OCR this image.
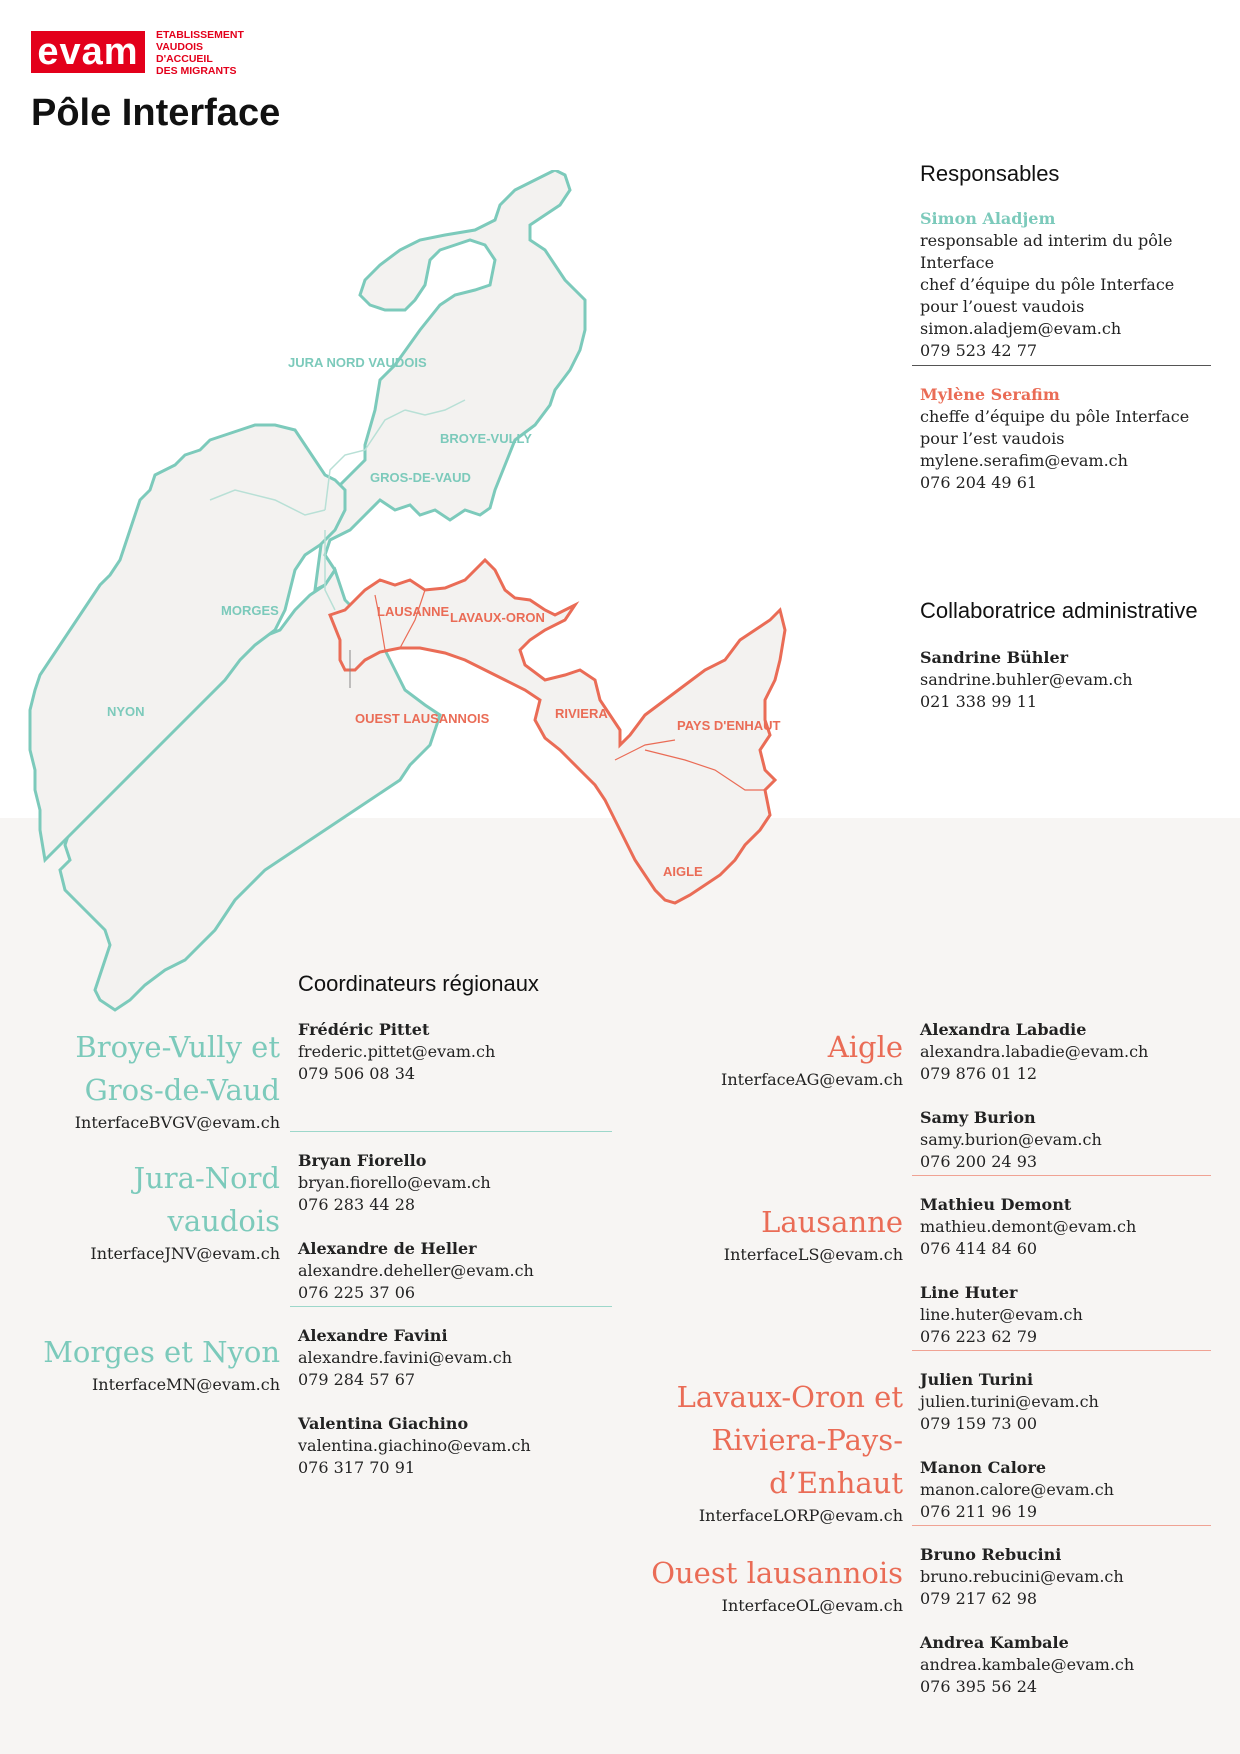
evam	ETABLISSEMENT
VAUDOIS
D'ACCUEIL
DES MIGRANTS
Pôle Interface
JURA NORD VAUDOIS
BROYE-VULLY
GROS-DE-VAUD
MORGES
NYON
LAUSANNE LAVAUX-ORON
OUEST LAUSANNOIS	RIVIERA
PAYS D'ENHAUT
AIGLE
Responsables
Simon Aladjem
responsable ad interim du pôle
Interface
chef d’équipe du pôle Interface
pour l’ouest vaudois
simon.aladjem@evam.ch
079 523 42 77
Mylène Serafim
cheffe d’équipe du pôle Interface
pour l’est vaudois
mylene.serafim@evam.ch
076 204 49 61
Collaboratrice administrative
Sandrine Bühler
sandrine.buhler@evam.ch
021 338 99 11
Coordinateurs régionaux
Broye-Vully et
Gros-de-Vaud
InterfaceBVGV@evam.ch
Frédéric Pittet
frederic.pittet@evam.ch
079 506 08 34
Jura-Nord
vaudois
InterfaceJNV@evam.ch
Bryan Fiorello
bryan.fiorello@evam.ch
076 283 44 28
Alexandre de Heller
alexandre.deheller@evam.ch
076 225 37 06
Morges et Nyon
InterfaceMN@evam.ch
Alexandre Favini
alexandre.favini@evam.ch
079 284 57 67
Valentina Giachino
valentina.giachino@evam.ch
076 317 70 91
Aigle
InterfaceAG@evam.ch
Alexandra Labadie
alexandra.labadie@evam.ch
079 876 01 12
Samy Burion
samy.burion@evam.ch
076 200 24 93
Lausanne
InterfaceLS@evam.ch
Mathieu Demont
mathieu.demont@evam.ch
076 414 84 60
Line Huter
line.huter@evam.ch
076 223 62 79
Lavaux-Oron et
Riviera-Pays-
d’Enhaut
InterfaceLORP@evam.ch
Julien Turini
julien.turini@evam.ch
079 159 73 00
Manon Calore
manon.calore@evam.ch
076 211 96 19
Ouest lausannois
InterfaceOL@evam.ch
Bruno Rebucini
bruno.rebucini@evam.ch
079 217 62 98
Andrea Kambale
andrea.kambale@evam.ch
076 395 56 24
